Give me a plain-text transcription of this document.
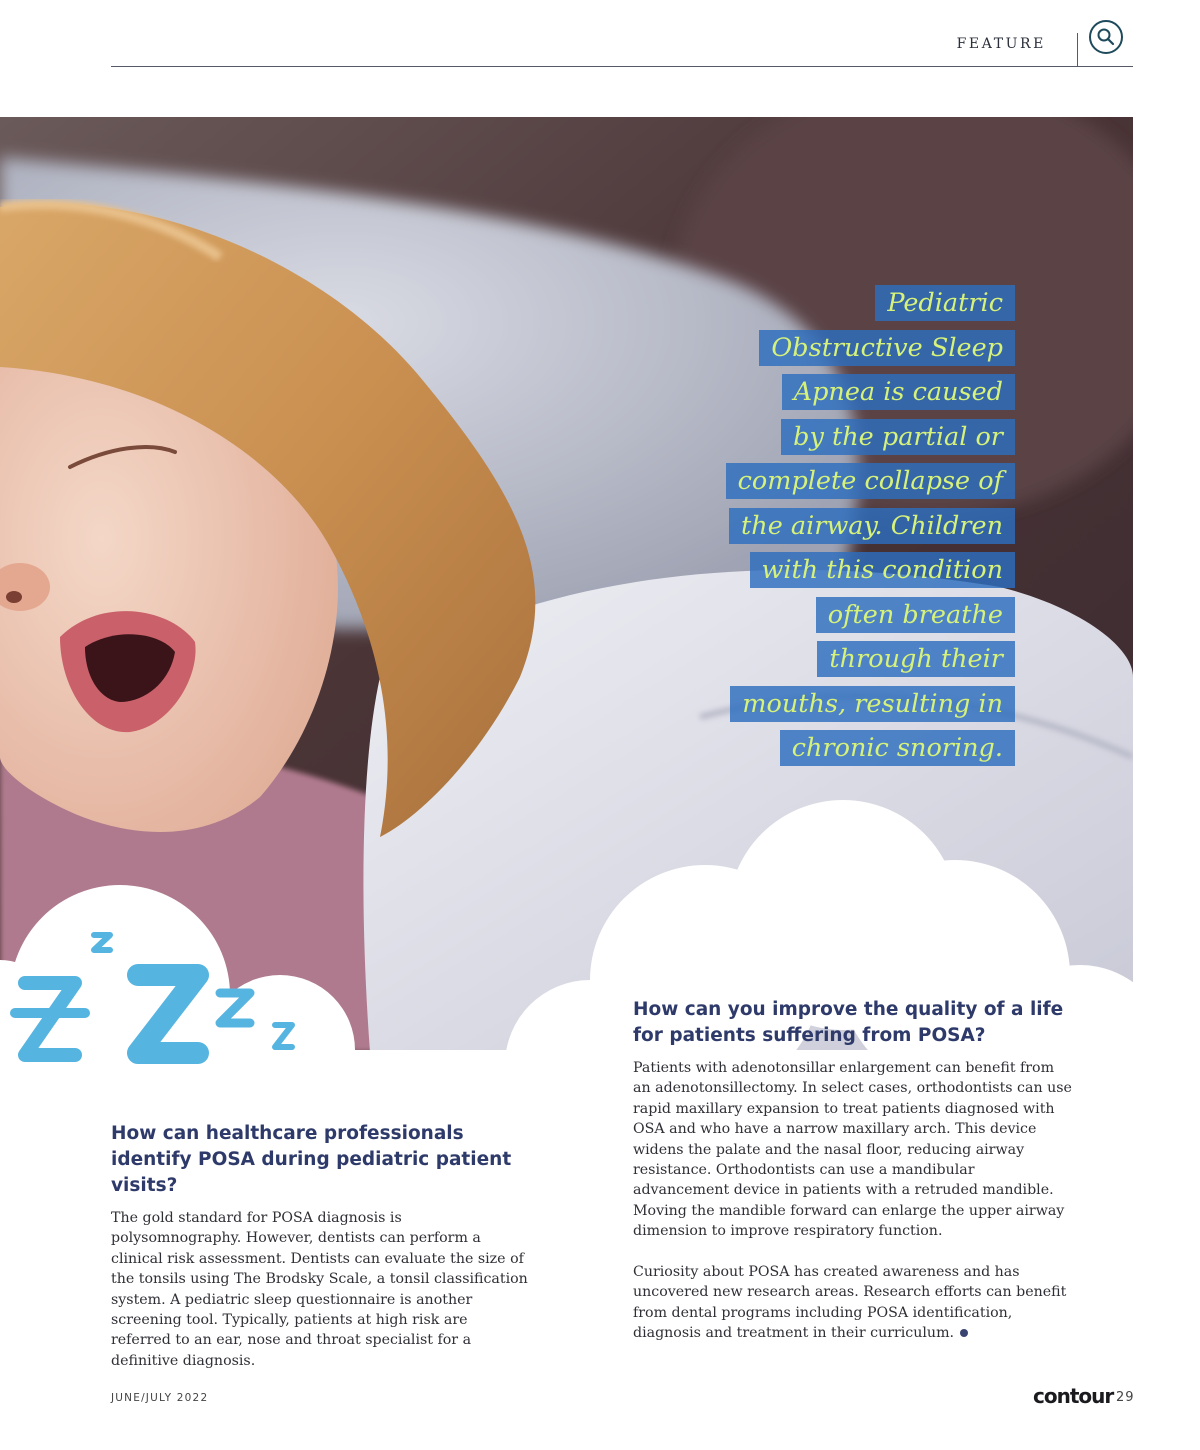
FEATURE
Pediatric
Obstructive Sleep
Apnea is caused
by the partial or
complete collapse of
the airway. Children
with this condition
often breathe
through their
mouths, resulting in
chronic snoring.
How can healthcare professionals identify POSA during pediatric patient visits?

The gold standard for POSA diagnosis is polysomnography. However, dentists can perform a clinical risk assessment. Dentists can evaluate the size of the tonsils using The Brodsky Scale, a tonsil classification system. A pediatric sleep questionnaire is another screening tool. Typically, patients at high risk are referred to an ear, nose and throat specialist for a definitive diagnosis.

How can you improve the quality of a life for patients suffering from POSA?

Patients with adenotonsillar enlargement can benefit from an adenotonsillectomy. In select cases, orthodontists can use rapid maxillary expansion to treat patients diagnosed with OSA and who have a narrow maxillary arch. This device widens the palate and the nasal floor, reducing airway resistance. Orthodontists can use a mandibular advancement device in patients with a retruded mandible. Moving the mandible forward can enlarge the upper airway dimension to improve respiratory function.

Curiosity about POSA has created awareness and has uncovered new research areas. Research efforts can benefit from dental programs including POSA identification, diagnosis and treatment in their curriculum.

JUNE/JULY 2022	contour 29
